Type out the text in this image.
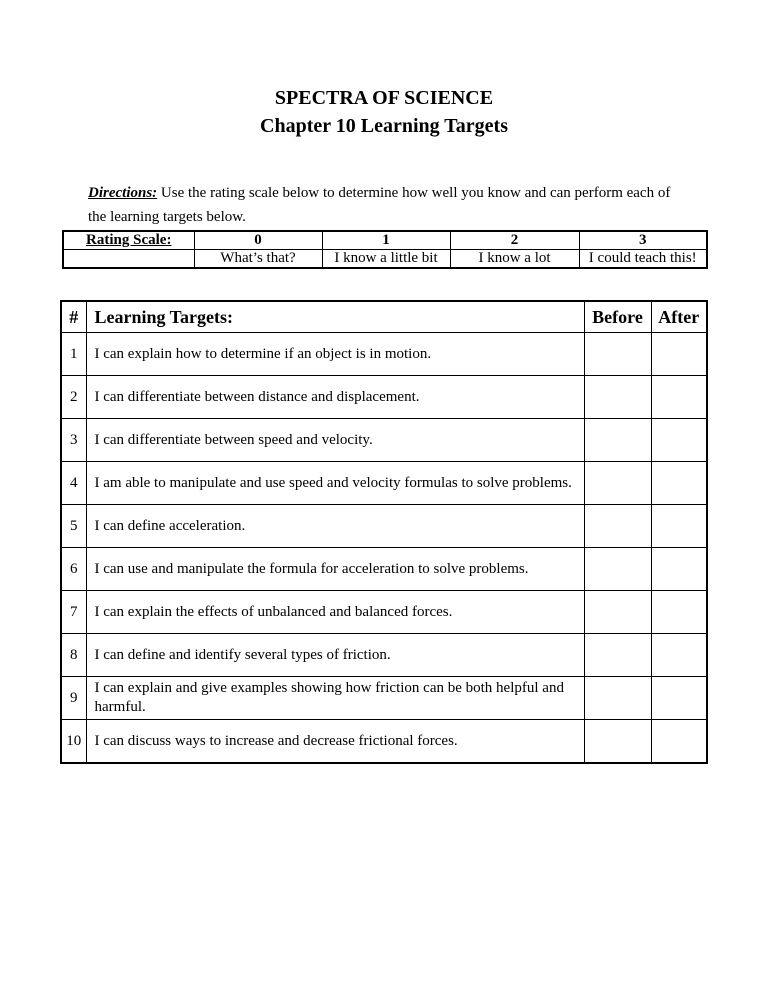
SPECTRA OF SCIENCE
Chapter 10 Learning Targets

Directions: Use the rating scale below to determine how well you know and can perform each of the learning targets below.

Rating Scale:	0	1	2	3
	What’s that?	I know a little bit	I know a lot	I could teach this!
#	Learning Targets:	Before	After
1	I can explain how to determine if an object is in motion.		
2	I can differentiate between distance and displacement.		
3	I can differentiate between speed and velocity.		
4	I am able to manipulate and use speed and velocity formulas to solve problems.		
5	I can define acceleration.		
6	I can use and manipulate the formula for acceleration to solve problems.		
7	I can explain the effects of unbalanced and balanced forces.		
8	I can define and identify several types of friction.		
9	I can explain and give examples showing how friction can be both helpful and harmful.		
10	I can discuss ways to increase and decrease frictional forces.		
